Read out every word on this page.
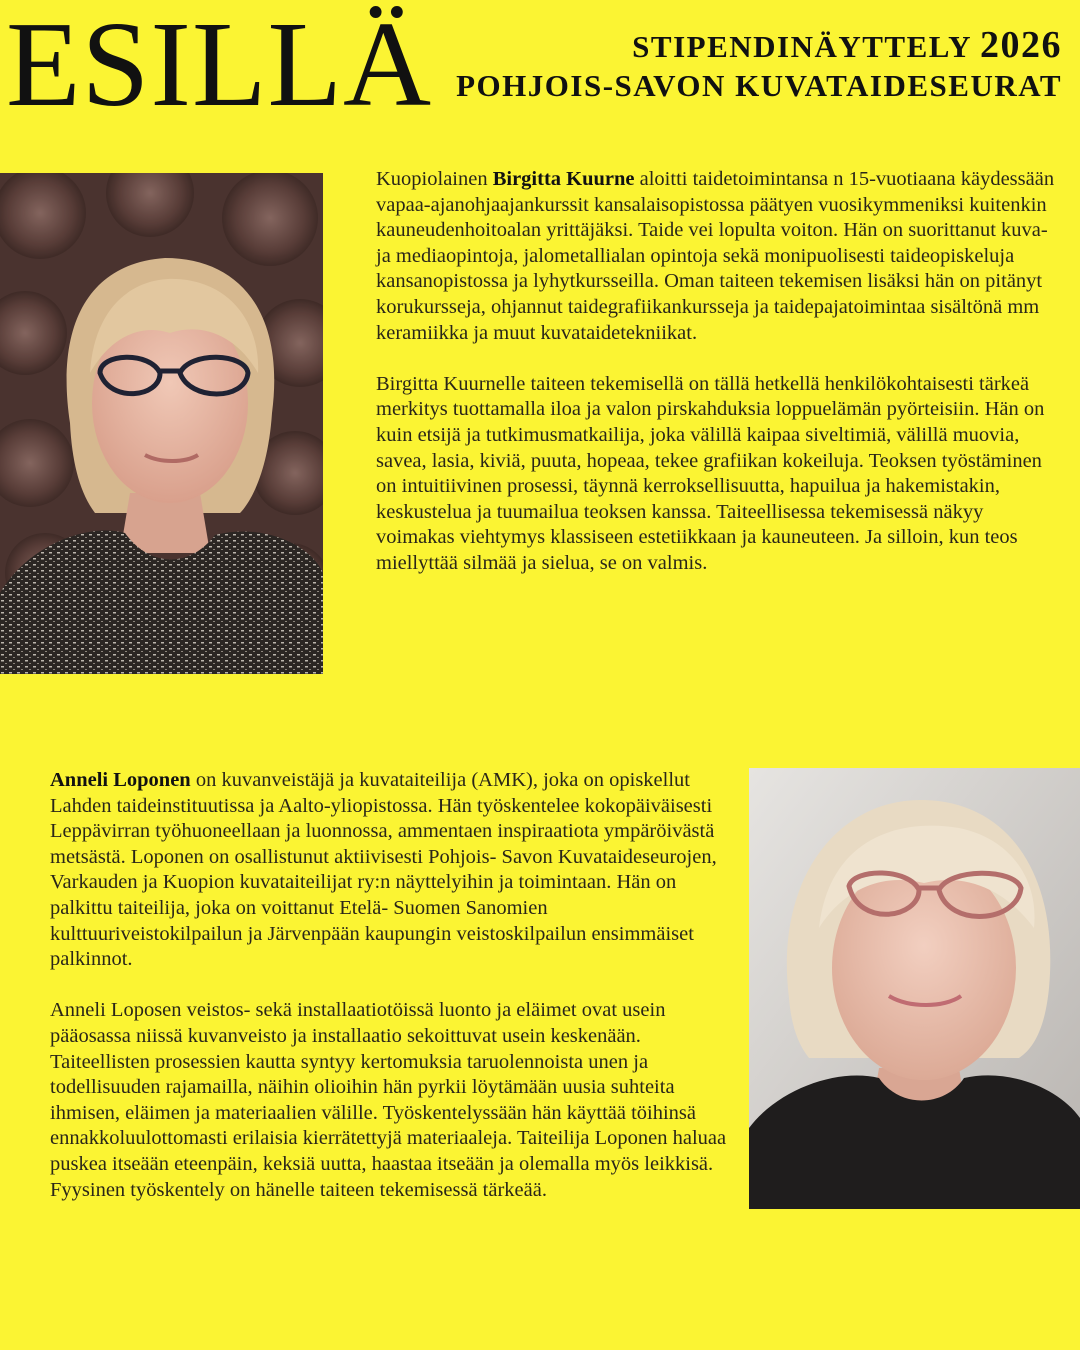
ESILLÄ	STIPENDINÄYTTELY 2026
POHJOIS-SAVON KUVATAIDESEURAT

Kuopiolainen Birgitta Kuurne aloitti taidetoimintansa n 15-vuotiaana käydessään vapaa-ajanohjaajankurssit kansalaisopistossa päätyen vuosikymmeniksi kuitenkin kauneudenhoitoalan yrittäjäksi. Taide vei lopulta voiton. Hän on suorittanut kuva-ja mediaopintoja, jalometallialan opintoja sekä monipuolisesti taideopiskeluja kansanopistossa ja lyhytkursseilla. Oman taiteen tekemisen lisäksi hän on pitänyt korukursseja, ohjannut taidegrafiikankursseja ja taidepajatoimintaa sisältönä mm keramiikka ja muut kuvataidetekniikat.

Birgitta Kuurnelle taiteen tekemisellä on tällä hetkellä henkilökohtaisesti tärkeä merkitys tuottamalla iloa ja valon pirskahduksia loppuelämän pyörteisiin. Hän on kuin etsijä ja tutkimusmatkailija, joka välillä kaipaa siveltimiä, välillä muovia, savea, lasia, kiviä, puuta, hopeaa, tekee grafiikan kokeiluja. Teoksen työstäminen on intuitiivinen prosessi, täynnä kerroksellisuutta, hapuilua ja hakemistakin, keskustelua ja tuumailua teoksen kanssa. Taiteellisessa tekemisessä näkyy voimakas viehtymys klassiseen estetiikkaan ja kauneuteen. Ja silloin, kun teos miellyttää silmää ja sielua, se on valmis.

Anneli Loponen on kuvanveistäjä ja kuvataiteilija (AMK), joka on opiskellut Lahden taideinstituutissa ja Aalto-yliopistossa. Hän työskentelee kokopäiväisesti Leppävirran työhuoneellaan ja luonnossa, ammentaen inspiraatiota ympäröivästä metsästä. Loponen on osallistunut aktiivisesti Pohjois- Savon Kuvataideseurojen, Varkauden ja Kuopion kuvataiteilijat ry:n näyttelyihin ja toimintaan. Hän on palkittu taiteilija, joka on voittanut Etelä- Suomen Sanomien kulttuuriveistokilpailun ja Järvenpään kaupungin veistoskilpailun ensimmäiset palkinnot.

Anneli Loposen veistos- sekä installaatiotöissä luonto ja eläimet ovat usein pääosassa niissä kuvanveisto ja installaatio sekoittuvat usein keskenään. Taiteellisten prosessien kautta syntyy kertomuksia taruolennoista unen ja todellisuuden rajamailla, näihin olioihin hän pyrkii löytämään uusia suhteita ihmisen, eläimen ja materiaalien välille. Työskentelyssään hän käyttää töihinsä ennakkoluulottomasti erilaisia kierrätettyjä materiaaleja. Taiteilija Loponen haluaa puskea itseään eteenpäin, keksiä uutta, haastaa itseään ja olemalla myös leikkisä. Fyysinen työskentely on hänelle taiteen tekemisessä tärkeää.
